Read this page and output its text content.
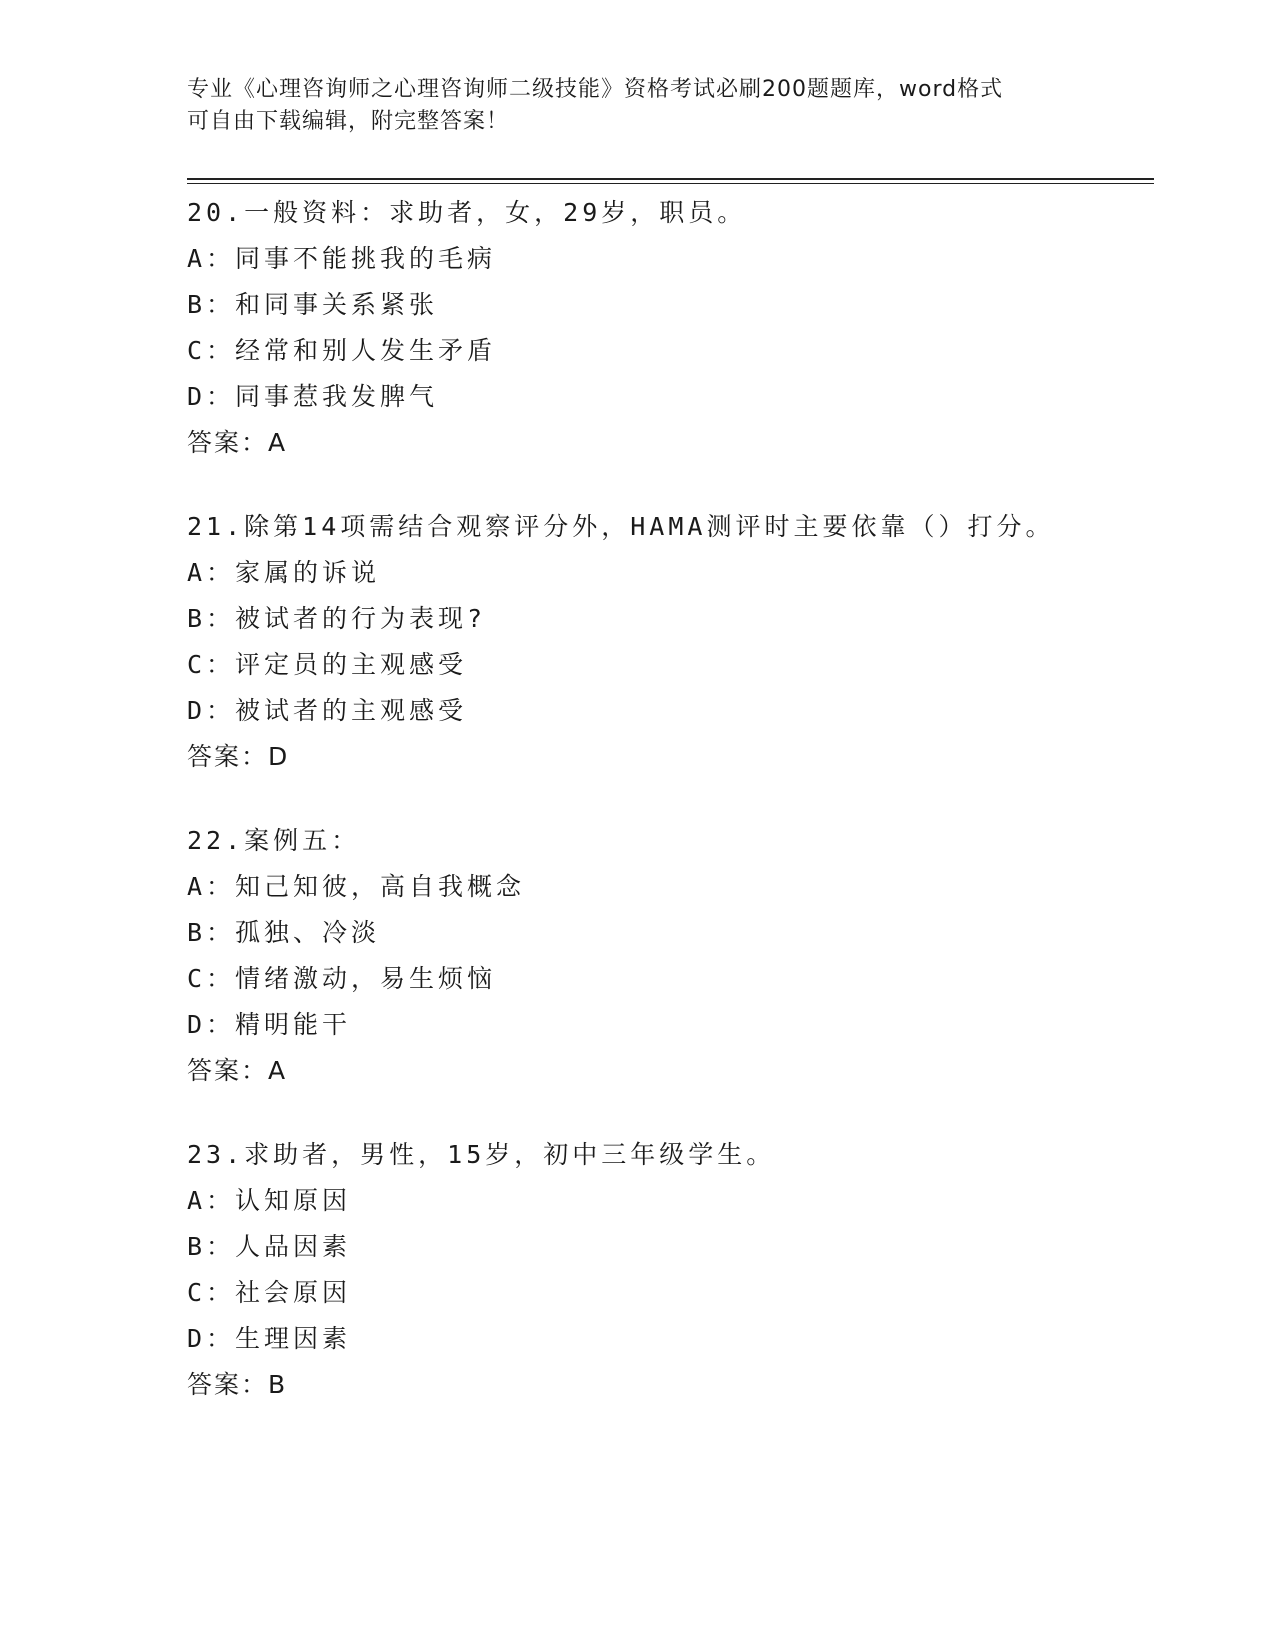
专业《心理咨询师之心理咨询师二级技能》资格考试必刷200题题库，word格式
可自由下载编辑，附完整答案！
20.一般资料：求助者，女，29岁，职员。
A：同事不能挑我的毛病
B：和同事关系紧张
C：经常和别人发生矛盾
D：同事惹我发脾气
答案：A
21.除第14项需结合观察评分外，HAMA测评时主要依靠（）打分。
A：家属的诉说
B：被试者的行为表现?
C：评定员的主观感受
D：被试者的主观感受
答案：D
22.案例五：
A：知己知彼，高自我概念
B：孤独、冷淡
C：情绪激动，易生烦恼
D：精明能干
答案：A
23.求助者，男性，15岁，初中三年级学生。
A：认知原因
B：人品因素
C：社会原因
D：生理因素
答案：B
